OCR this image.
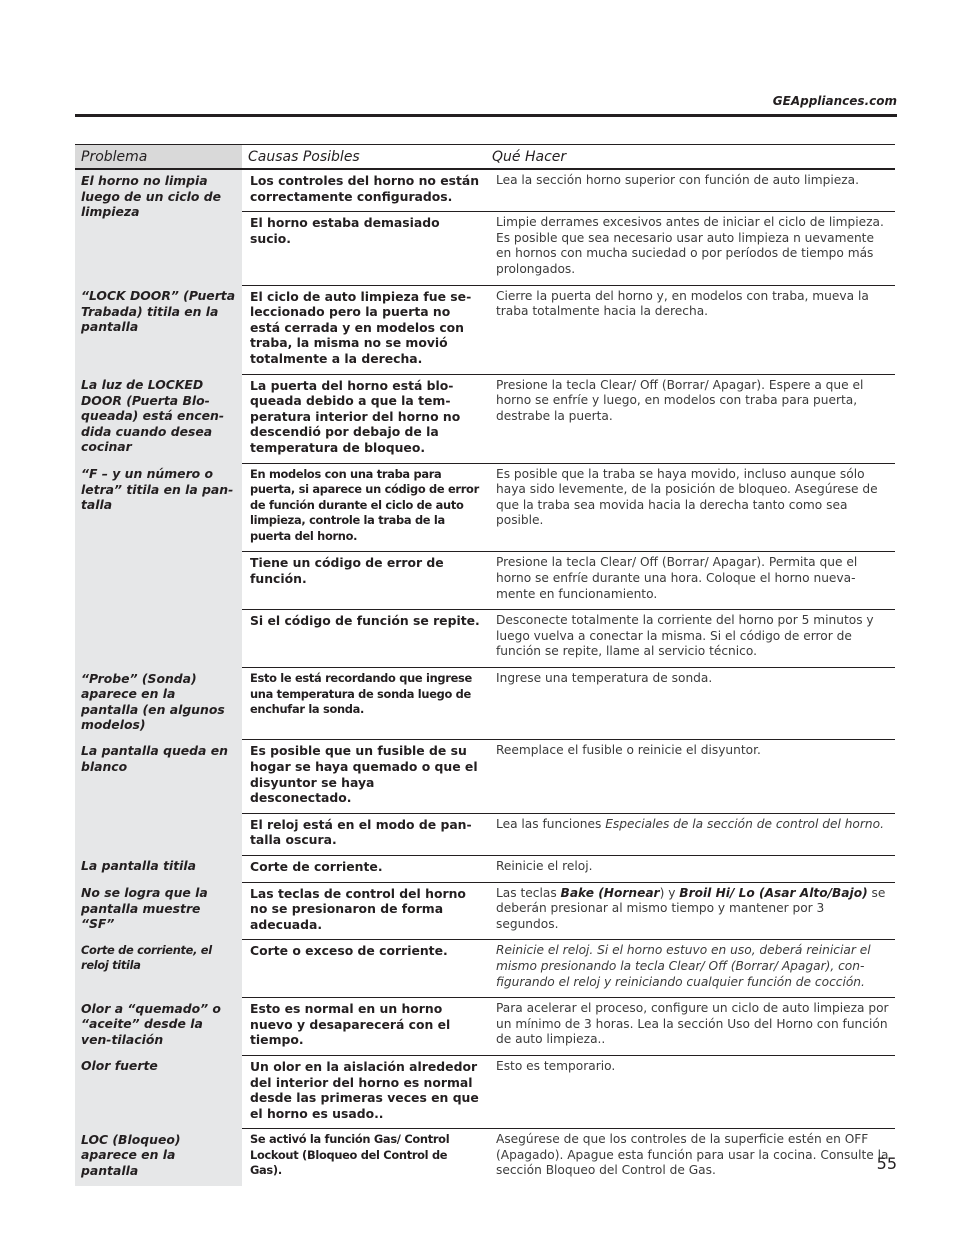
GEAppliances.com
Problema	Causas Posibles	Qué Hacer
El horno no limpia luego de un ciclo de limpieza	Los controles del horno no están correctamente configurados.	Lea la sección horno superior con función de auto limpieza.
	El horno estaba demasiado sucio.	Limpie derrames excesivos antes de iniciar el ciclo de limpieza. Es posible que sea necesario usar auto limpieza n uevamente en hornos con mucha suciedad o por períodos de tiempo más prolongados.
“LOCK DOOR” (Puerta Trabada) titila en la pantalla	El ciclo de auto limpieza fue se-leccionado pero la puerta no está cerrada y en modelos con traba, la misma no se movió totalmente a la derecha.	Cierre la puerta del horno y, en modelos con traba, mueva la traba totalmente hacia la derecha.
La luz de LOCKED DOOR (Puerta Blo-queada) está encen-dida cuando desea cocinar	La puerta del horno está blo-queada debido a que la tem-peratura interior del horno no descendió por debajo de la temperatura de bloqueo.	Presione la tecla Clear/ Off (Borrar/ Apagar). Espere a que el horno se enfríe y luego, en modelos con traba para puerta, destrabe la puerta.
“F – y un número o letra” titila en la pan-talla	En modelos con una traba para puerta, si aparece un código de error de función durante el ciclo de auto limpieza, controle la traba de la puerta del horno.	Es posible que la traba se haya movido, incluso aunque sólo haya sido levemente, de la posición de bloqueo. Asegúrese de que la traba sea movida hacia la derecha tanto como sea posible.
	Tiene un código de error de función.	Presione la tecla Clear/ Off (Borrar/ Apagar). Permita que el horno se enfríe durante una hora. Coloque el horno nueva-mente en funcionamiento.
	Si el código de función se repite.	Desconecte totalmente la corriente del horno por 5 minutos y luego vuelva a conectar la misma. Si el código de error de función se repite, llame al servicio técnico.
“Probe” (Sonda) aparece en la pantalla (en algunos modelos)	Esto le está recordando que ingrese una temperatura de sonda luego de enchufar la sonda.	Ingrese una temperatura de sonda.
La pantalla queda en blanco	Es posible que un fusible de su hogar se haya quemado o que el disyuntor se haya desconectado.	Reemplace el fusible o reinicie el disyuntor.
	El reloj está en el modo de pan-talla oscura.	Lea las funciones Especiales de la sección de control del horno.
La pantalla titila	Corte de corriente.	Reinicie el reloj.
No se logra que la pantalla muestre “SF”	Las teclas de control del horno no se presionaron de forma adecuada.	Las teclas Bake (Hornear) y Broil Hi/ Lo (Asar Alto/Bajo) se deberán presionar al mismo tiempo y mantener por 3 segundos.
Corte de corriente, el reloj titila	Corte o exceso de corriente.	Reinicie el reloj. Si el horno estuvo en uso, deberá reiniciar el mismo presionando la tecla Clear/ Off (Borrar/ Apagar), con-figurando el reloj y reiniciando cualquier función de cocción.
Olor a “quemado” o “aceite” desde la ven-tilación	Esto es normal en un horno nuevo y desaparecerá con el tiempo.	Para acelerar el proceso, configure un ciclo de auto limpieza por un mínimo de 3 horas. Lea la sección Uso del Horno con función de auto limpieza..
Olor fuerte	Un olor en la aislación alrededor del interior del horno es normal desde las primeras veces en que el horno es usado..	Esto es temporario.
LOC (Bloqueo) aparece en la pantalla	Se activó la función Gas/ Control Lockout (Bloqueo del Control de Gas).	Asegúrese de que los controles de la superficie estén en OFF (Apagado). Apague esta función para usar la cocina. Consulte la sección Bloqueo del Control de Gas.	55
